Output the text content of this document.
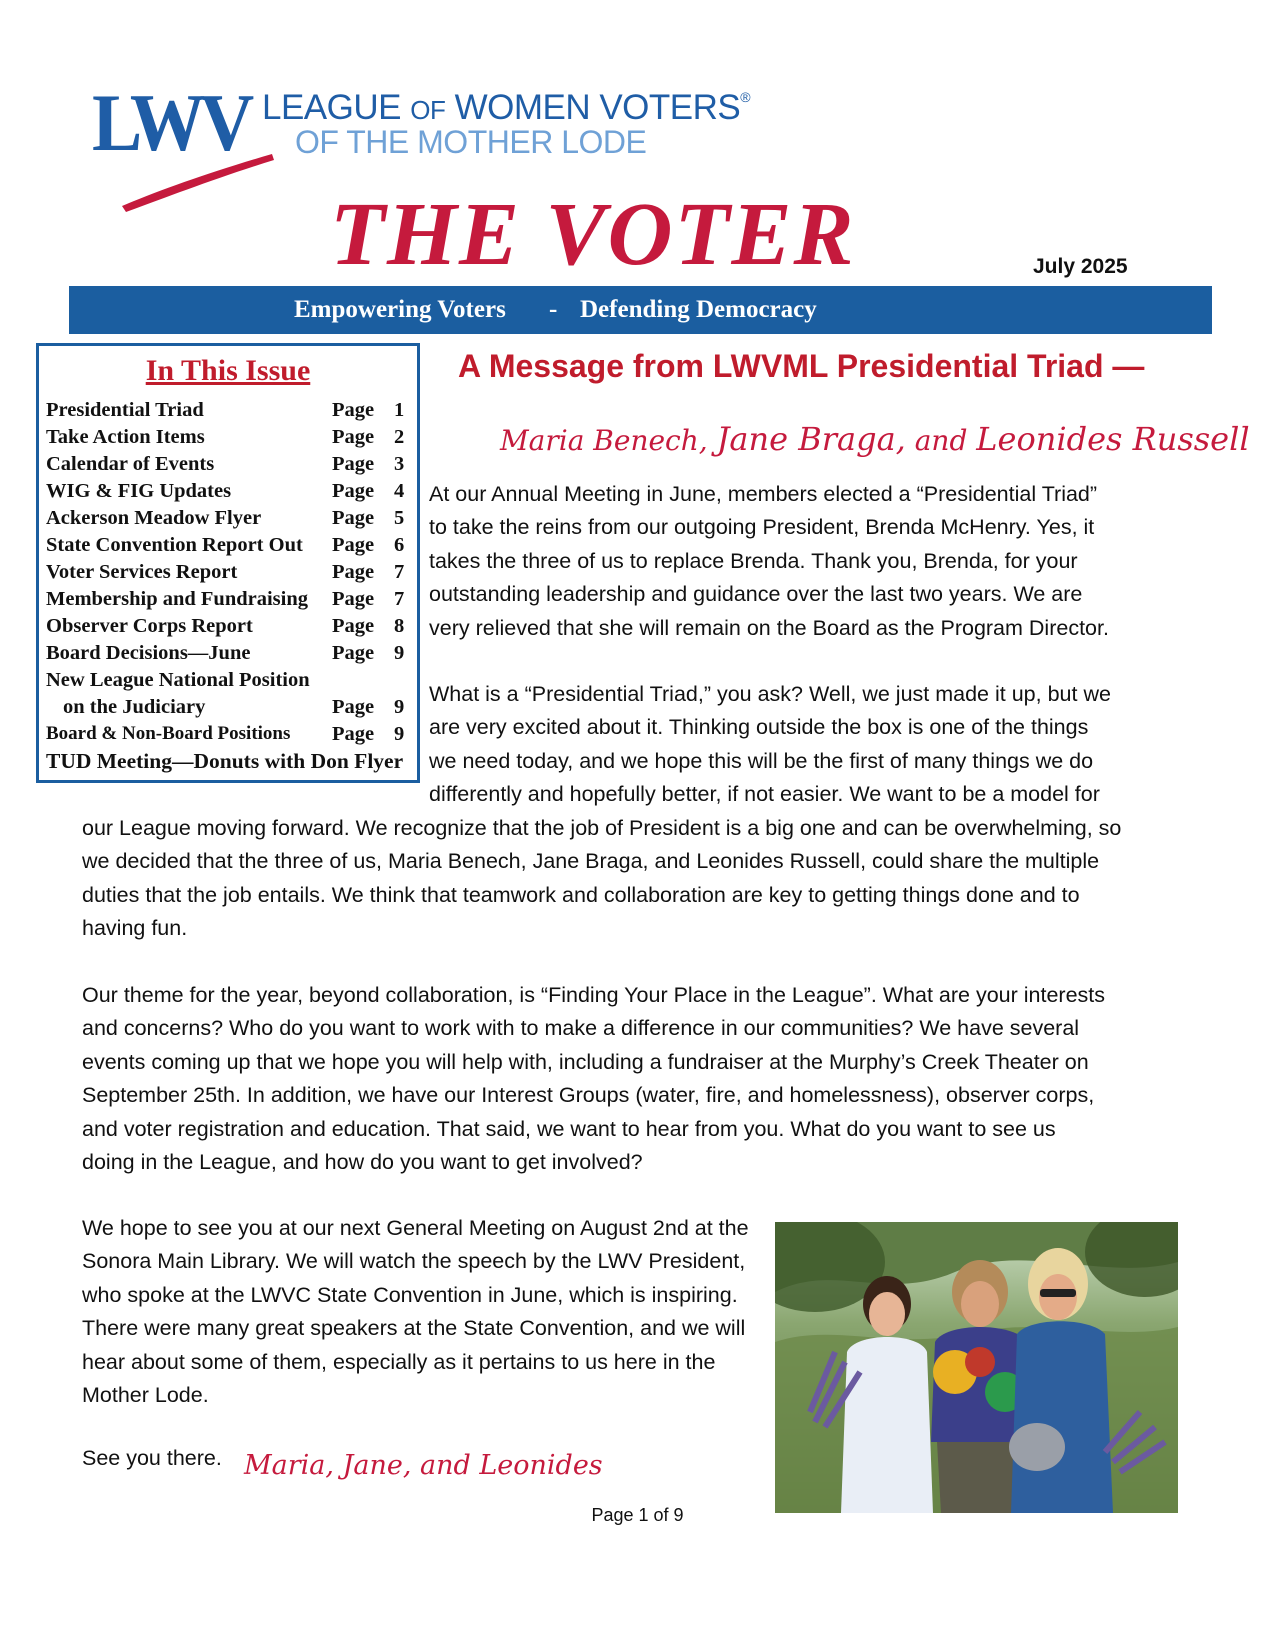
LWV LEAGUE OF WOMEN VOTERS®
OF THE MOTHER LODE
THE VOTER	July 2025
Empowering Voters - Defending Democracy
In This Issue
Presidential Triad	Page 1
Take Action Items	Page 2
Calendar of Events	Page 3
WIG & FIG Updates	Page 4
Ackerson Meadow Flyer	Page 5
State Convention Report Out Page 6
Voter Services Report	Page 7
Membership and Fundraising Page 7
Observer Corps Report	Page 8
Board Decisions—June	Page 9
New League National Position
on the Judiciary	Page 9
Board & Non-Board Positions Page 9
TUD Meeting—Donuts with Don Flyer
A Message from LWVML Presidential Triad —
Maria Benech, Jane Braga, and Leonides Russell
At our Annual Meeting in June, members elected a “Presidential Triad”
to take the reins from our outgoing President, Brenda McHenry. Yes, it
takes the three of us to replace Brenda. Thank you, Brenda, for your
outstanding leadership and guidance over the last two years. We are
very relieved that she will remain on the Board as the Program Director.
What is a “Presidential Triad,” you ask? Well, we just made it up, but we
are very excited about it. Thinking outside the box is one of the things
we need today, and we hope this will be the first of many things we do
differently and hopefully better, if not easier. We want to be a model for
our League moving forward. We recognize that the job of President is a big one and can be overwhelming, so
we decided that the three of us, Maria Benech, Jane Braga, and Leonides Russell, could share the multiple
duties that the job entails. We think that teamwork and collaboration are key to getting things done and to
having fun.
Our theme for the year, beyond collaboration, is “Finding Your Place in the League”. What are your interests
and concerns? Who do you want to work with to make a difference in our communities? We have several
events coming up that we hope you will help with, including a fundraiser at the Murphy’s Creek Theater on
September 25th. In addition, we have our Interest Groups (water, fire, and homelessness), observer corps,
and voter registration and education. That said, we want to hear from you. What do you want to see us
doing in the League, and how do you want to get involved?
We hope to see you at our next General Meeting on August 2nd at the
Sonora Main Library. We will watch the speech by the LWV President,
who spoke at the LWVC State Convention in June, which is inspiring.
There were many great speakers at the State Convention, and we will
hear about some of them, especially as it pertains to us here in the
Mother Lode.
See you there. Maria, Jane, and Leonides
Page 1 of 9
